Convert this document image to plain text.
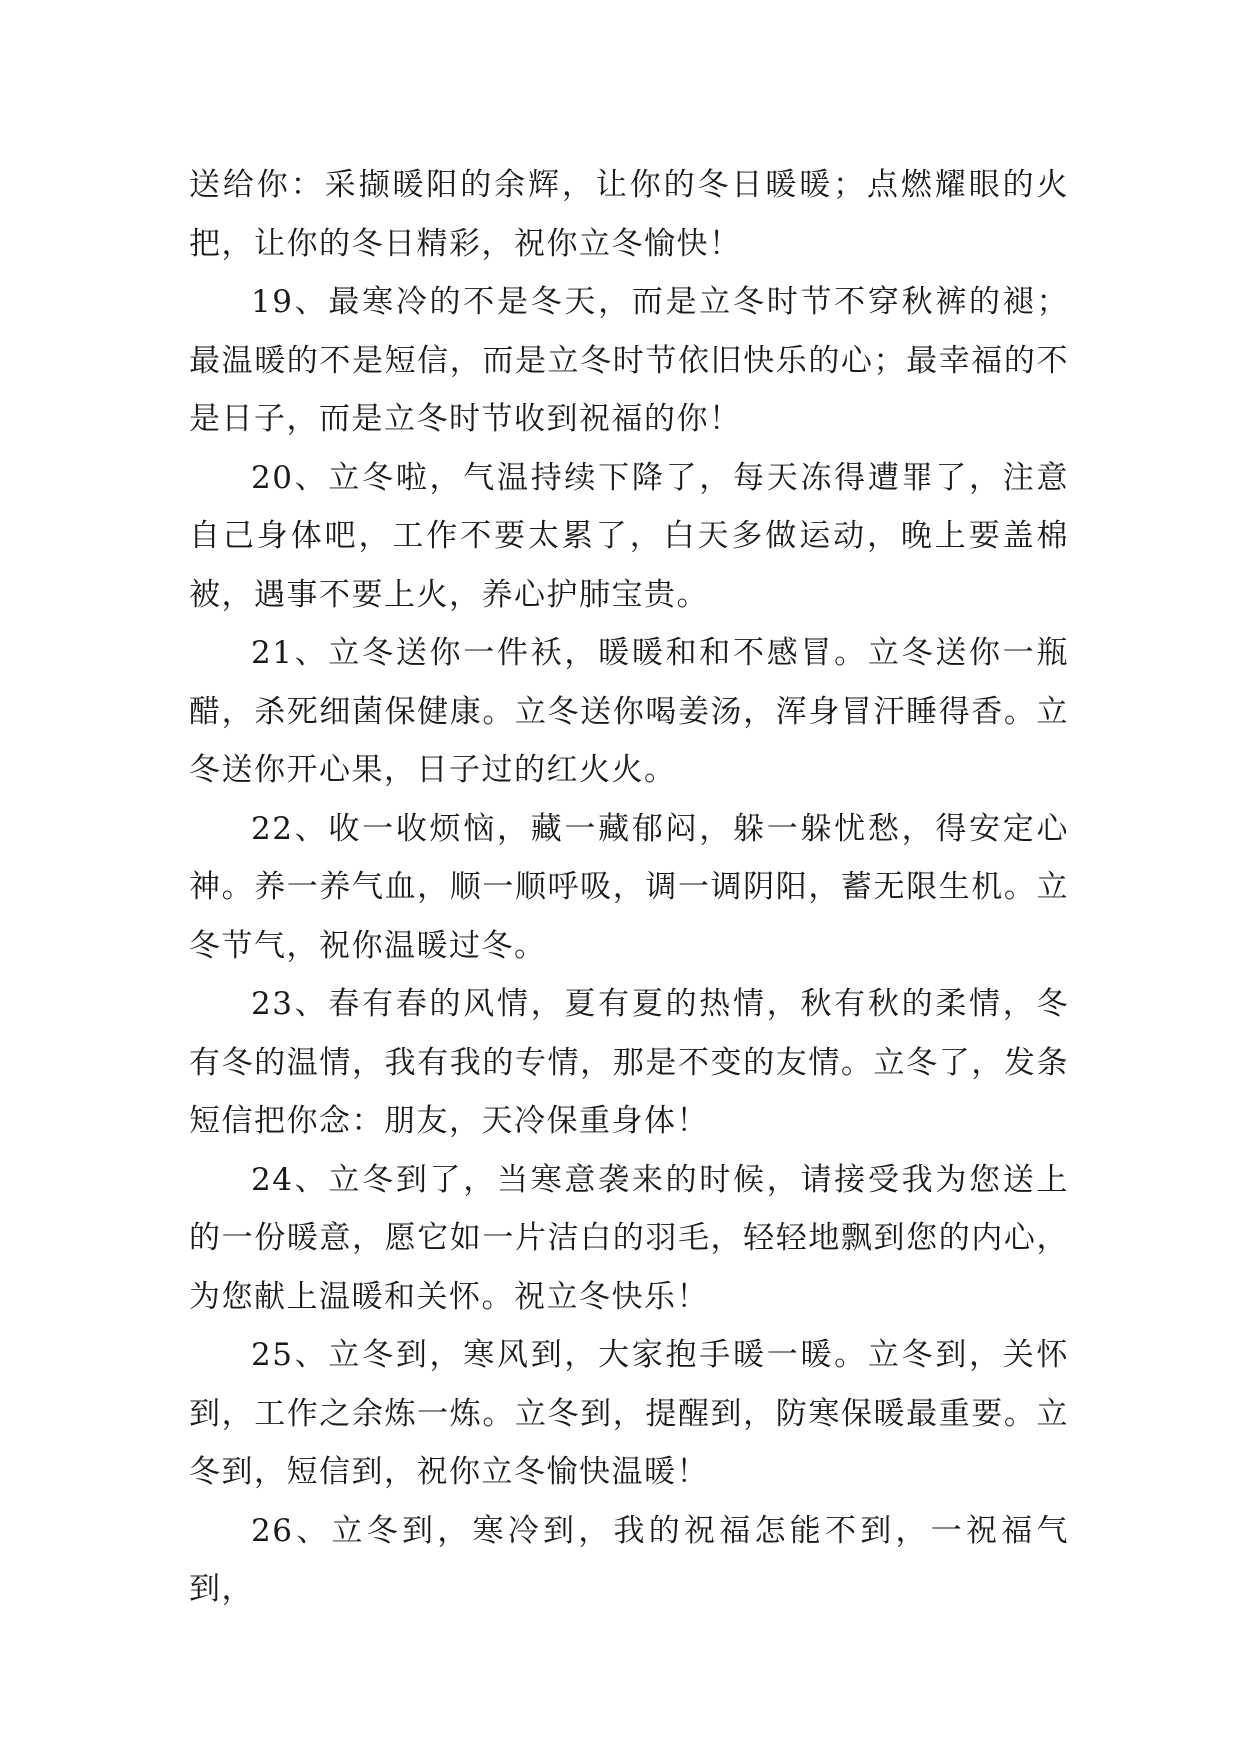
送给你：采撷暖阳的余辉，让你的冬日暖暖；点燃耀眼的火把，让你的冬日精彩，祝你立冬愉快！

19、最寒冷的不是冬天，而是立冬时节不穿秋裤的褪；最温暖的不是短信，而是立冬时节依旧快乐的心；最幸福的不是日子，而是立冬时节收到祝福的你！

20、立冬啦，气温持续下降了，每天冻得遭罪了，注意自己身体吧，工作不要太累了，白天多做运动，晚上要盖棉被，遇事不要上火，养心护肺宝贵。

21、立冬送你一件袄，暖暖和和不感冒。立冬送你一瓶醋，杀死细菌保健康。立冬送你喝姜汤，浑身冒汗睡得香。立冬送你开心果，日子过的红火火。

22、收一收烦恼，藏一藏郁闷，躲一躲忧愁，得安定心神。养一养气血，顺一顺呼吸，调一调阴阳，蓄无限生机。立冬节气，祝你温暖过冬。

23、春有春的风情，夏有夏的热情，秋有秋的柔情，冬有冬的温情，我有我的专情，那是不变的友情。立冬了，发条短信把你念：朋友，天冷保重身体！

24、立冬到了，当寒意袭来的时候，请接受我为您送上的一份暖意，愿它如一片洁白的羽毛，轻轻地飘到您的内心，为您献上温暖和关怀。祝立冬快乐！

25、立冬到，寒风到，大家抱手暖一暖。立冬到，关怀到，工作之余炼一炼。立冬到，提醒到，防寒保暖最重要。立冬到，短信到，祝你立冬愉快温暖！

26、立冬到，寒冷到，我的祝福怎能不到，一祝福气到，
